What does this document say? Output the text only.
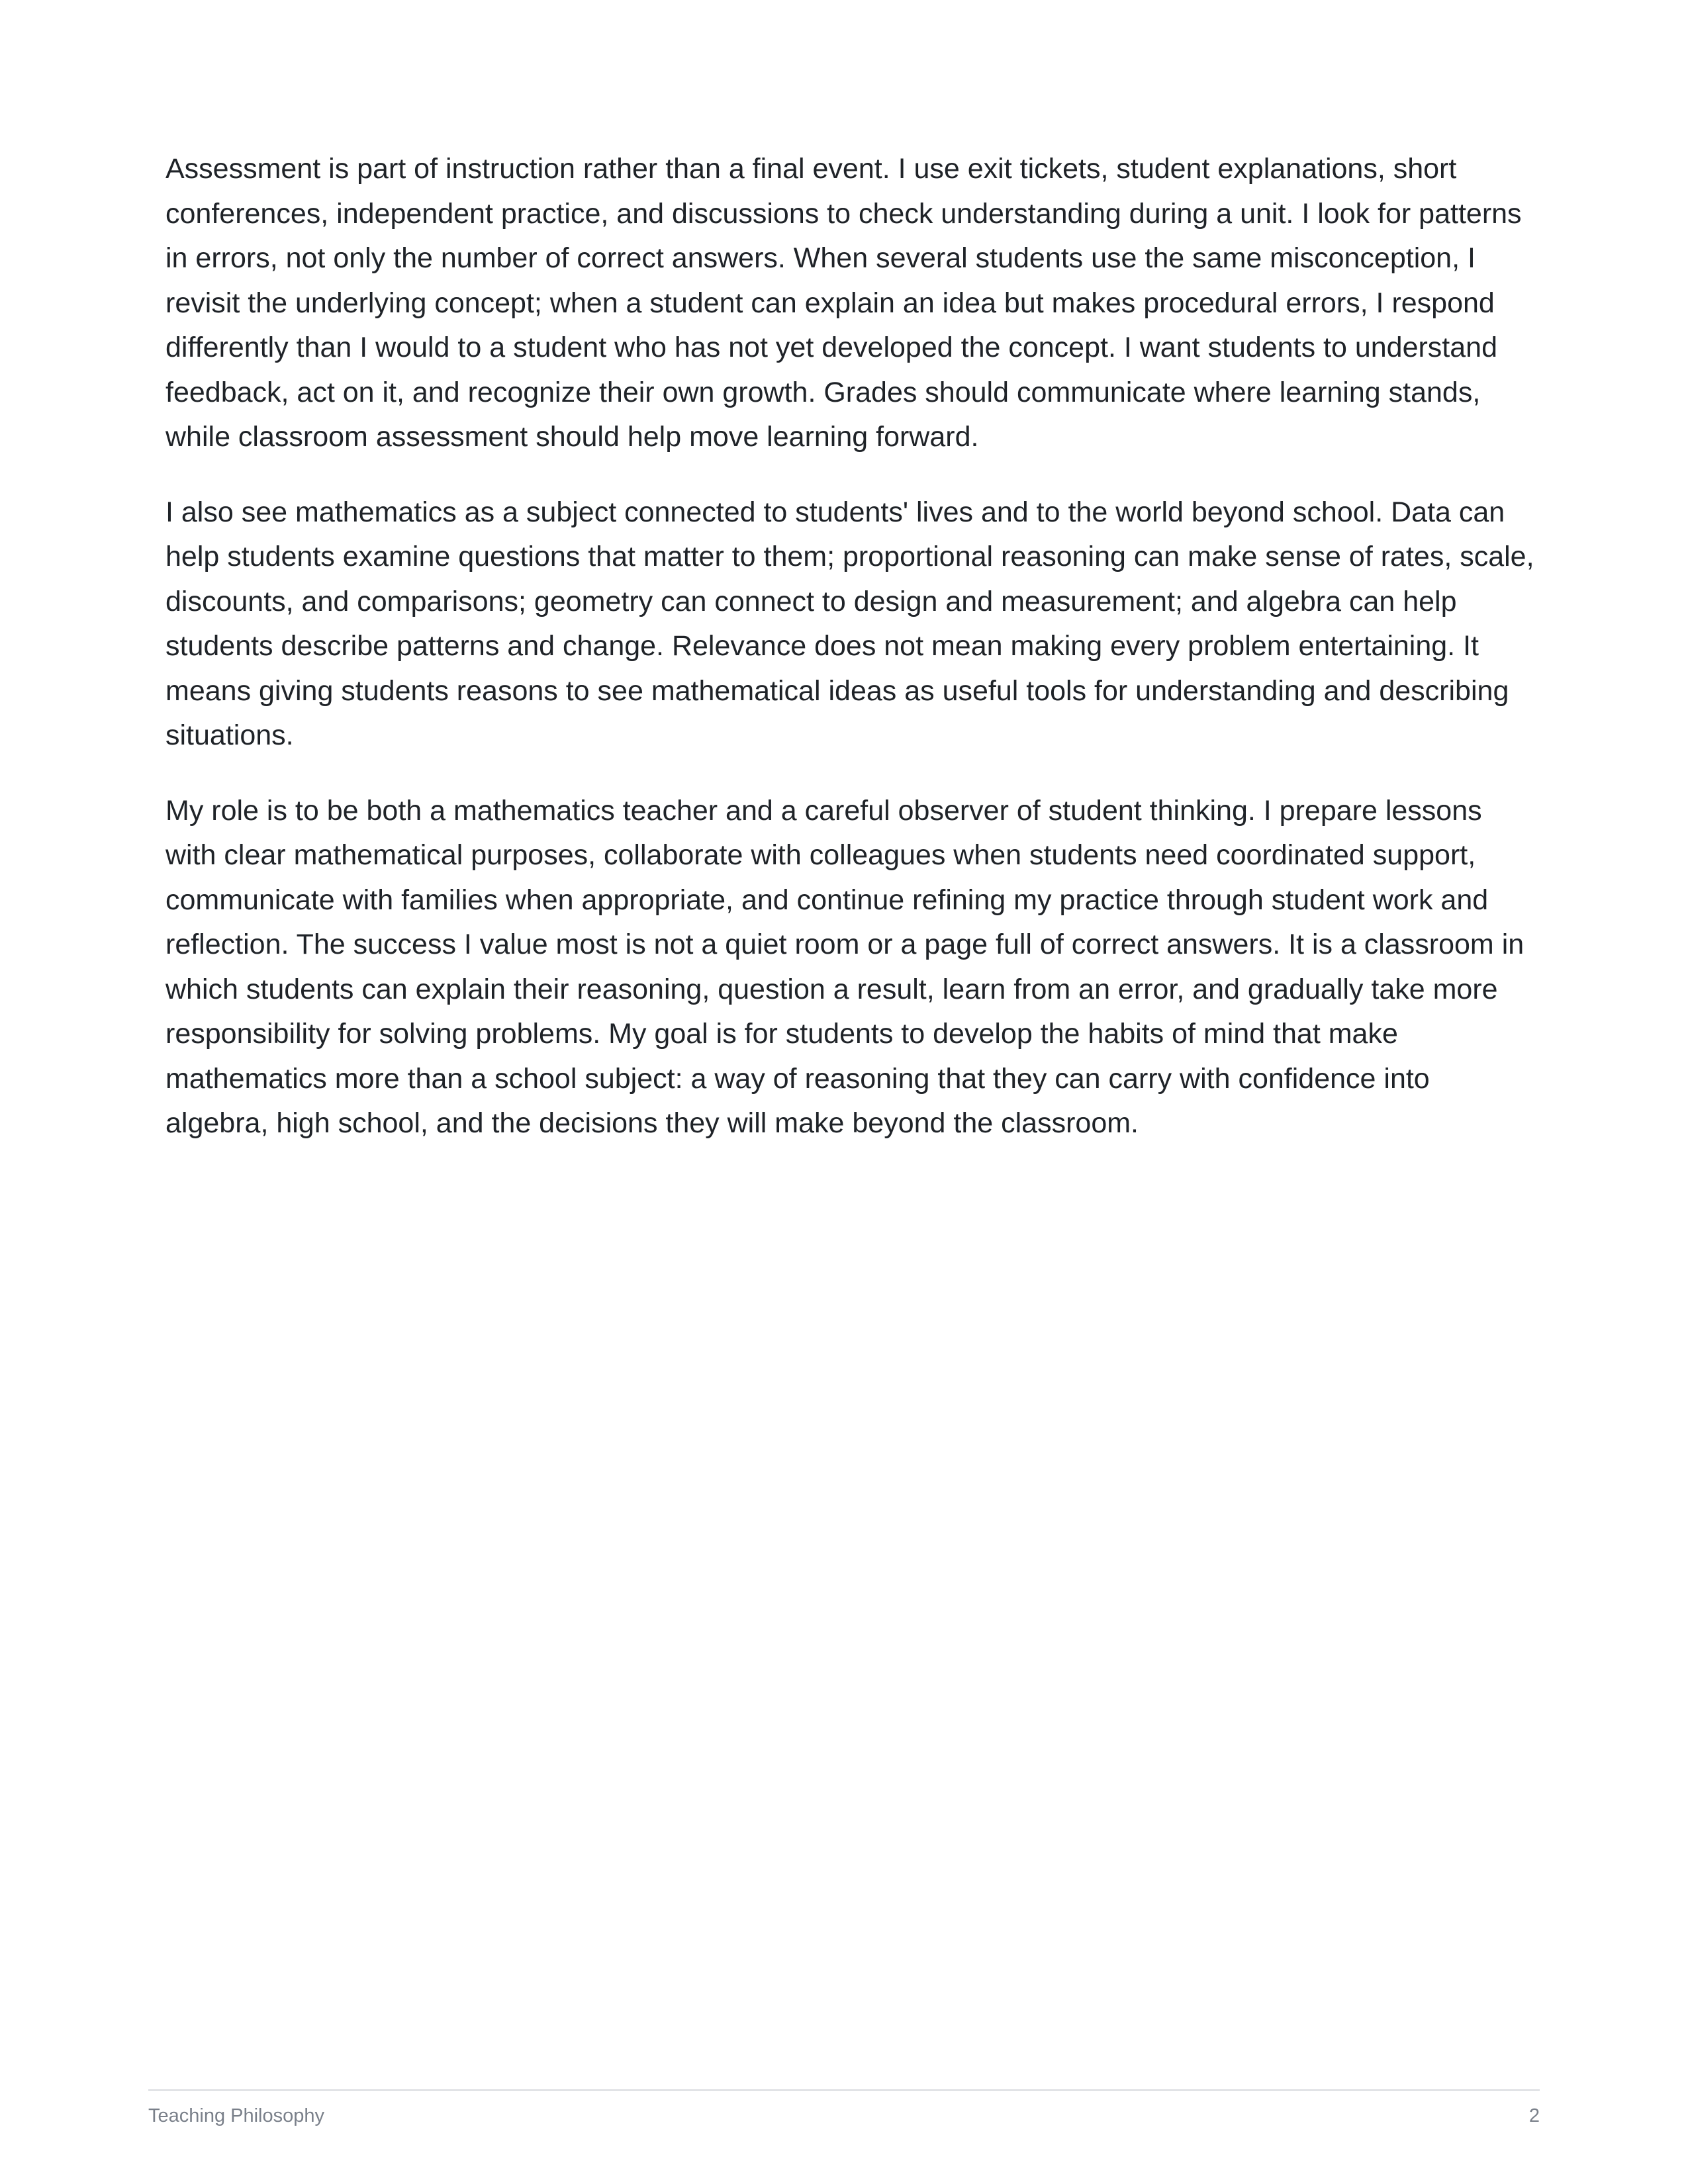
Assessment is part of instruction rather than a final event. I use exit tickets, student explanations, short conferences, independent practice, and discussions to check understanding during a unit. I look for patterns in errors, not only the number of correct answers. When several students use the same misconception, I revisit the underlying concept; when a student can explain an idea but makes procedural errors, I respond differently than I would to a student who has not yet developed the concept. I want students to understand feedback, act on it, and recognize their own growth. Grades should communicate where learning stands, while classroom assessment should help move learning forward.

I also see mathematics as a subject connected to students' lives and to the world beyond school. Data can help students examine questions that matter to them; proportional reasoning can make sense of rates, scale, discounts, and comparisons; geometry can connect to design and measurement; and algebra can help students describe patterns and change. Relevance does not mean making every problem entertaining. It means giving students reasons to see mathematical ideas as useful tools for understanding and describing situations.

My role is to be both a mathematics teacher and a careful observer of student thinking. I prepare lessons with clear mathematical purposes, collaborate with colleagues when students need coordinated support, communicate with families when appropriate, and continue refining my practice through student work and reflection. The success I value most is not a quiet room or a page full of correct answers. It is a classroom in which students can explain their reasoning, question a result, learn from an error, and gradually take more responsibility for solving problems. My goal is for students to develop the habits of mind that make mathematics more than a school subject: a way of reasoning that they can carry with confidence into algebra, high school, and the decisions they will make beyond the classroom.

Teaching Philosophy	2
